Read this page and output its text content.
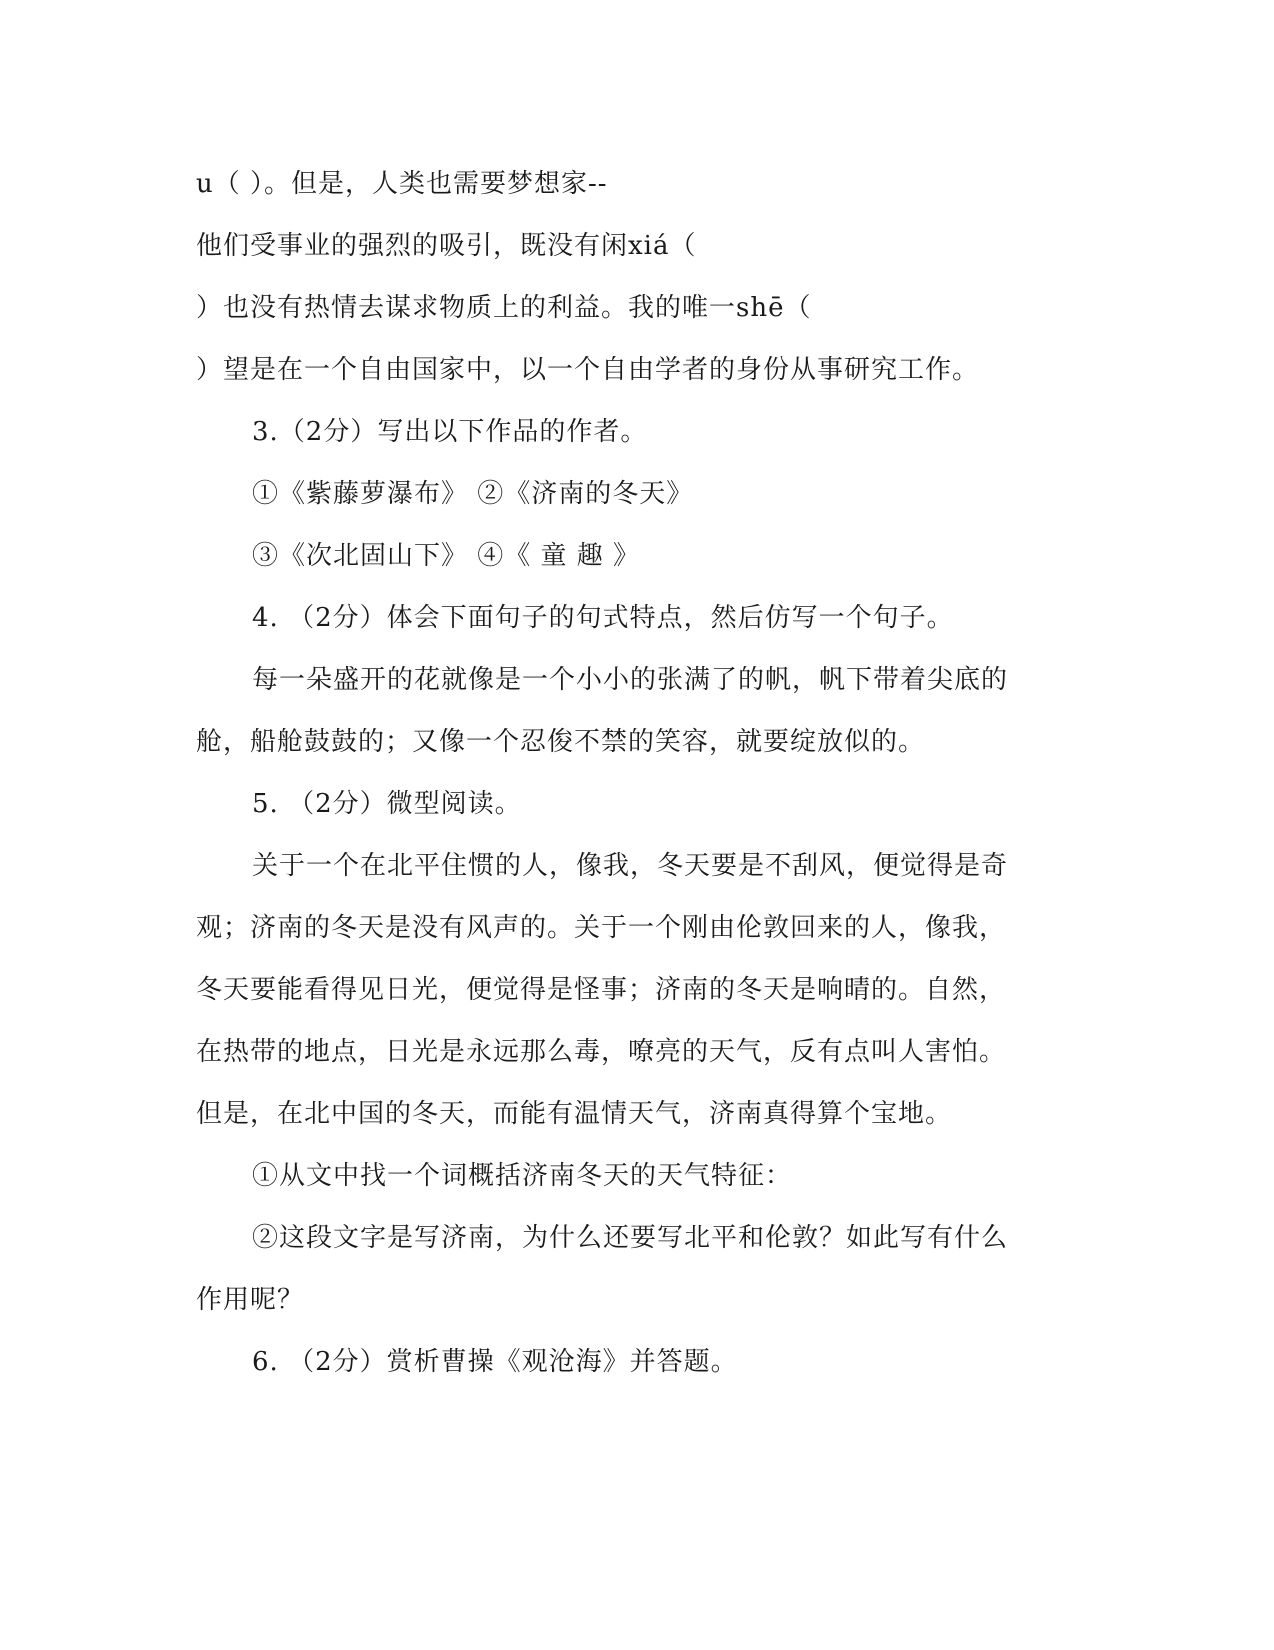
u（ ）。但是，人类也需要梦想家--
他们受事业的强烈的吸引，既没有闲xiá（
）也没有热情去谋求物质上的利益。我的唯一shē（
）望是在一个自由国家中，以一个自由学者的身份从事研究工作。
3.（2分）写出以下作品的作者。
①《紫藤萝瀑布》 ②《济南的冬天》
③《次北固山下》 ④《 童 趣 》
4. （2分）体会下面句子的句式特点，然后仿写一个句子。
每一朵盛开的花就像是一个小小的张满了的帆，帆下带着尖底的
舱，船舱鼓鼓的；又像一个忍俊不禁的笑容，就要绽放似的。
5. （2分）微型阅读。
关于一个在北平住惯的人，像我，冬天要是不刮风，便觉得是奇
观；济南的冬天是没有风声的。关于一个刚由伦敦回来的人，像我，
冬天要能看得见日光，便觉得是怪事；济南的冬天是响晴的。自然，
在热带的地点，日光是永远那么毒，嘹亮的天气，反有点叫人害怕。
但是，在北中国的冬天，而能有温情天气，济南真得算个宝地。
①从文中找一个词概括济南冬天的天气特征：
②这段文字是写济南，为什么还要写北平和伦敦？如此写有什么
作用呢？
6. （2分）赏析曹操《观沧海》并答题。
